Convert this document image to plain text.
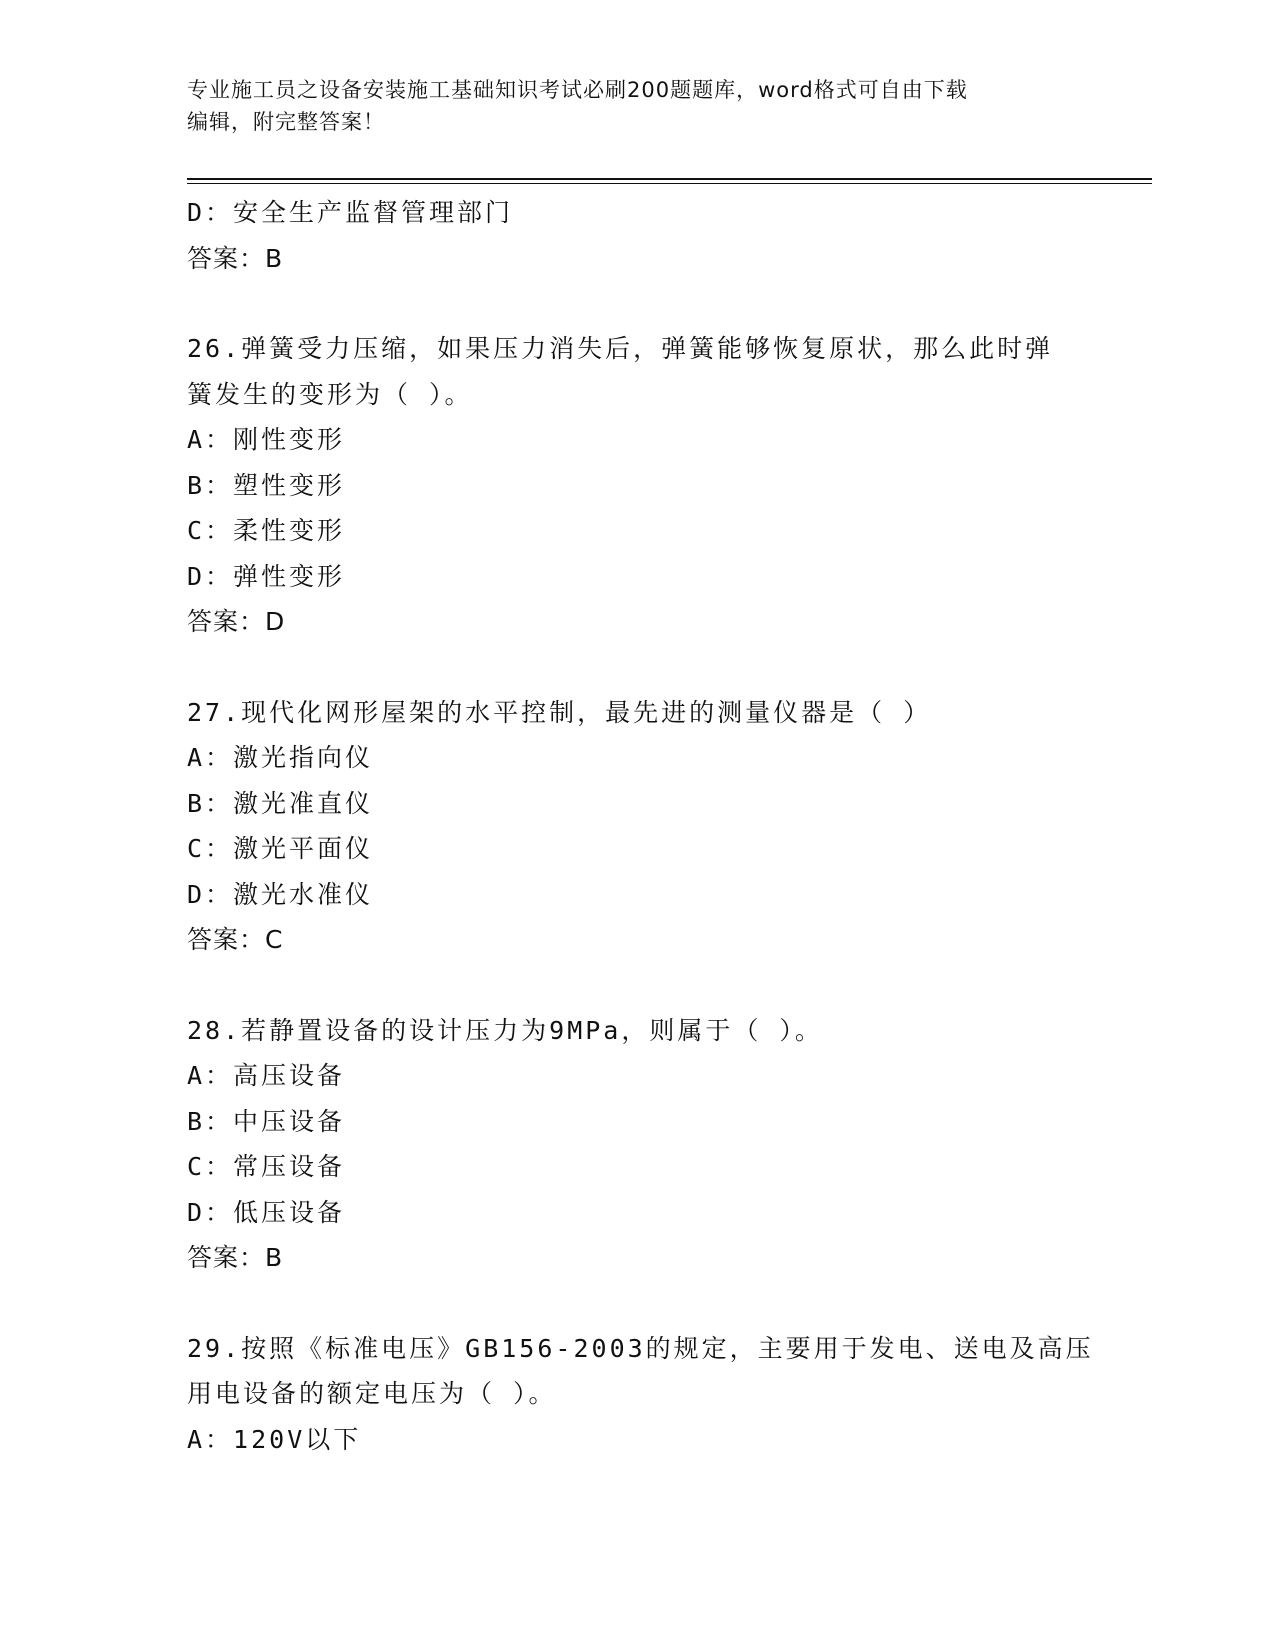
专业施工员之设备安装施工基础知识考试必刷200题题库，word格式可自由下载
编辑，附完整答案！
D：安全生产监督管理部门
答案：B
26.弹簧受力压缩，如果压力消失后，弹簧能够恢复原状，那么此时弹
簧发生的变形为（ ）。
A：刚性变形
B：塑性变形
C：柔性变形
D：弹性变形
答案：D
27.现代化网形屋架的水平控制，最先进的测量仪器是（ ）
A：激光指向仪
B：激光准直仪
C：激光平面仪
D：激光水准仪
答案：C
28.若静置设备的设计压力为9MPa，则属于（ ）。
A：高压设备
B：中压设备
C：常压设备
D：低压设备
答案：B
29.按照《标准电压》GB156-2003的规定，主要用于发电、送电及高压
用电设备的额定电压为（ ）。
A：120V以下
